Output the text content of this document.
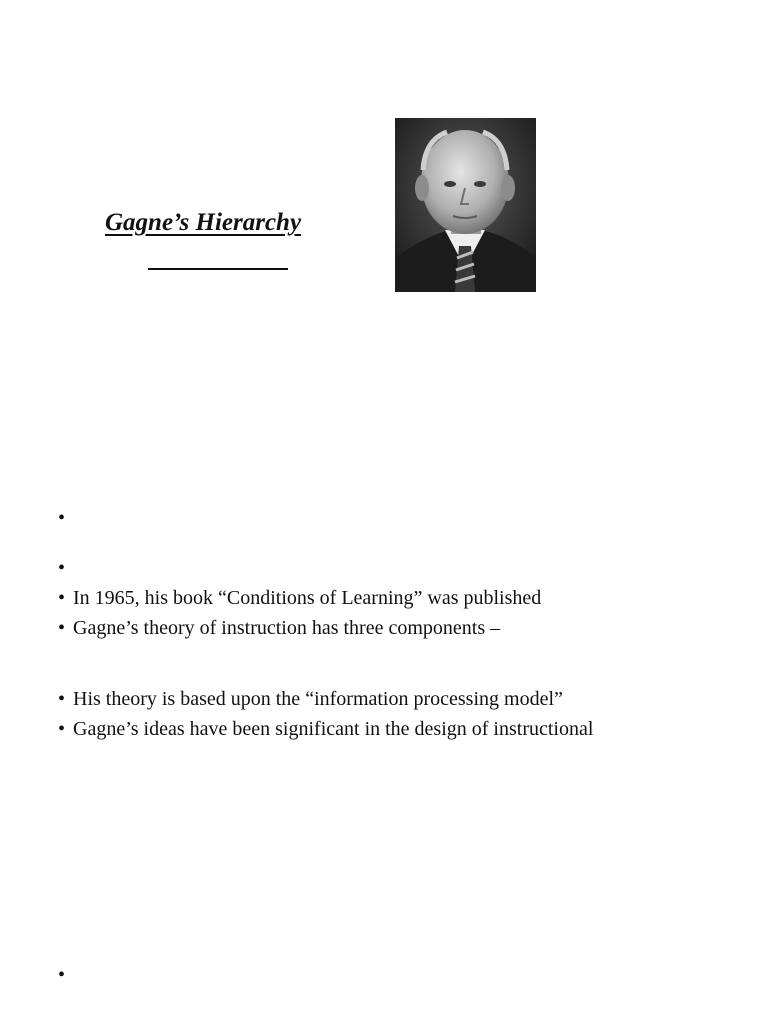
Gagne’s Hierarchy
•
•
• In 1965, his book “Conditions of Learning” was published
• Gagne’s theory of instruction has three components –
• His theory is based upon the “information processing model”
• Gagne’s ideas have been significant in the design of instructional
•
